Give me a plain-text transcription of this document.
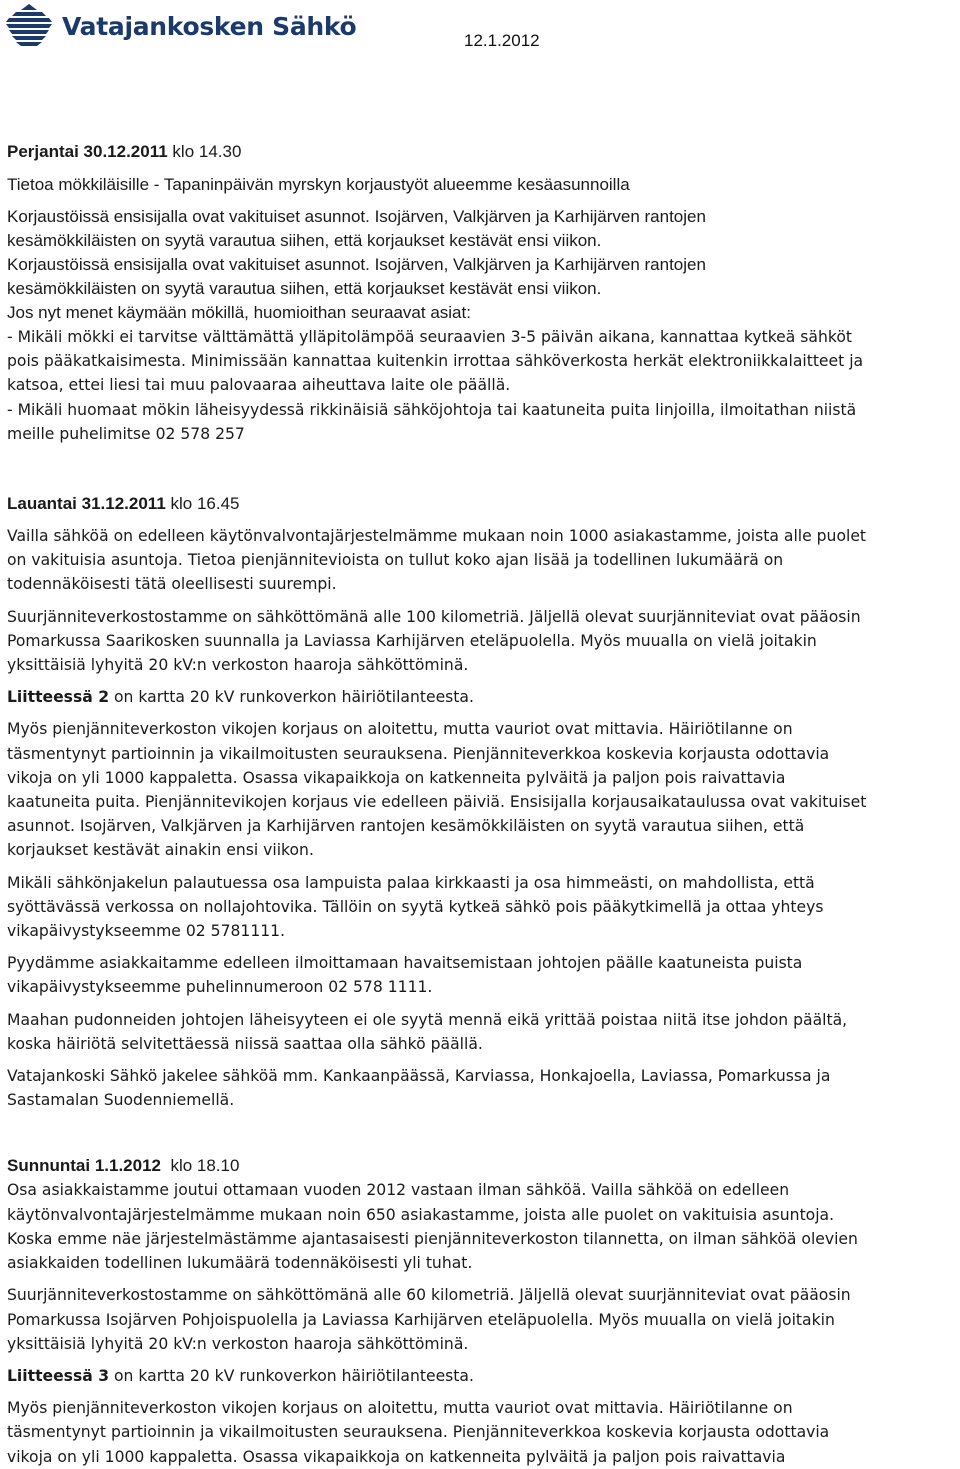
Vatajankosken Sähkö	12.1.2012

Perjantai 30.12.2011 klo 14.30

Tietoa mökkiläisille - Tapaninpäivän myrskyn korjaustyöt alueemme kesäasunnoilla

Korjaustöissä ensisijalla ovat vakituiset asunnot. Isojärven, Valkjärven ja Karhijärven rantojen

kesämökkiläisten on syytä varautua siihen, että korjaukset kestävät ensi viikon.

Korjaustöissä ensisijalla ovat vakituiset asunnot. Isojärven, Valkjärven ja Karhijärven rantojen

kesämökkiläisten on syytä varautua siihen, että korjaukset kestävät ensi viikon.

Jos nyt menet käymään mökillä, huomioithan seuraavat asiat:

- Mikäli mökki ei tarvitse välttämättä ylläpitolämpöä seuraavien 3-5 päivän aikana, kannattaa kytkeä sähköt

pois pääkatkaisimesta. Minimissään kannattaa kuitenkin irrottaa sähköverkosta herkät elektroniikkalaitteet ja

katsoa, ettei liesi tai muu palovaaraa aiheuttava laite ole päällä.

- Mikäli huomaat mökin läheisyydessä rikkinäisiä sähköjohtoja tai kaatuneita puita linjoilla, ilmoitathan niistä

meille puhelimitse 02 578 257

Lauantai 31.12.2011 klo 16.45

Vailla sähköä on edelleen käytönvalvontajärjestelmämme mukaan noin 1000 asiakastamme, joista alle puolet

on vakituisia asuntoja. Tietoa pienjännitevioista on tullut koko ajan lisää ja todellinen lukumäärä on

todennäköisesti tätä oleellisesti suurempi.

Suurjänniteverkostostamme on sähköttömänä alle 100 kilometriä. Jäljellä olevat suurjänniteviat ovat pääosin

Pomarkussa Saarikosken suunnalla ja Laviassa Karhijärven eteläpuolella. Myös muualla on vielä joitakin

yksittäisiä lyhyitä 20 kV:n verkoston haaroja sähköttöminä.

Liitteessä 2 on kartta 20 kV runkoverkon häiriötilanteesta.

Myös pienjänniteverkoston vikojen korjaus on aloitettu, mutta vauriot ovat mittavia. Häiriötilanne on

täsmentynyt partioinnin ja vikailmoitusten seurauksena. Pienjänniteverkkoa koskevia korjausta odottavia

vikoja on yli 1000 kappaletta. Osassa vikapaikkoja on katkenneita pylväitä ja paljon pois raivattavia

kaatuneita puita. Pienjännitevikojen korjaus vie edelleen päiviä. Ensisijalla korjausaikataulussa ovat vakituiset

asunnot. Isojärven, Valkjärven ja Karhijärven rantojen kesämökkiläisten on syytä varautua siihen, että

korjaukset kestävät ainakin ensi viikon.

Mikäli sähkönjakelun palautuessa osa lampuista palaa kirkkaasti ja osa himmeästi, on mahdollista, että

syöttävässä verkossa on nollajohtovika. Tällöin on syytä kytkeä sähkö pois pääkytkimellä ja ottaa yhteys

vikapäivystykseemme 02 5781111.

Pyydämme asiakkaitamme edelleen ilmoittamaan havaitsemistaan johtojen päälle kaatuneista puista

vikapäivystykseemme puhelinnumeroon 02 578 1111.

Maahan pudonneiden johtojen läheisyyteen ei ole syytä mennä eikä yrittää poistaa niitä itse johdon päältä,

koska häiriötä selvitettäessä niissä saattaa olla sähkö päällä.

Vatajankoski Sähkö jakelee sähköä mm. Kankaanpäässä, Karviassa, Honkajoella, Laviassa, Pomarkussa ja

Sastamalan Suodenniemellä.

Sunnuntai 1.1.2012  klo 18.10

Osa asiakkaistamme joutui ottamaan vuoden 2012 vastaan ilman sähköä. Vailla sähköä on edelleen

käytönvalvontajärjestelmämme mukaan noin 650 asiakastamme, joista alle puolet on vakituisia asuntoja.

Koska emme näe järjestelmästämme ajantasaisesti pienjänniteverkoston tilannetta, on ilman sähköä olevien

asiakkaiden todellinen lukumäärä todennäköisesti yli tuhat.

Suurjänniteverkostostamme on sähköttömänä alle 60 kilometriä. Jäljellä olevat suurjänniteviat ovat pääosin

Pomarkussa Isojärven Pohjoispuolella ja Laviassa Karhijärven eteläpuolella. Myös muualla on vielä joitakin

yksittäisiä lyhyitä 20 kV:n verkoston haaroja sähköttöminä.

Liitteessä 3 on kartta 20 kV runkoverkon häiriötilanteesta.

Myös pienjänniteverkoston vikojen korjaus on aloitettu, mutta vauriot ovat mittavia. Häiriötilanne on

täsmentynyt partioinnin ja vikailmoitusten seurauksena. Pienjänniteverkkoa koskevia korjausta odottavia

vikoja on yli 1000 kappaletta. Osassa vikapaikkoja on katkenneita pylväitä ja paljon pois raivattavia
